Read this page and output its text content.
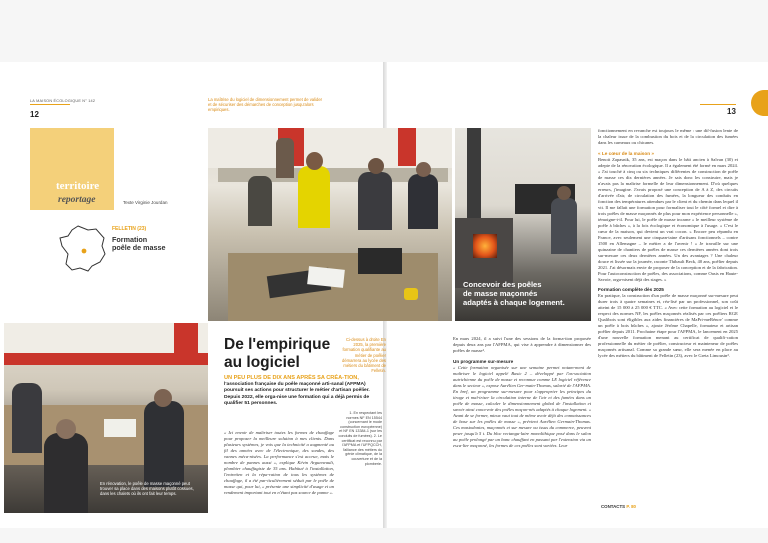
LA MAISON ÉCOLOGIQUE N° 142
12
La maîtrise du logiciel de dimensionnement permet de valider et de sécuriser des démarches de conception jusqu'alors empiriques.
territoire
reportage	Texte Virginie Jourdan
FELLETIN (23)
Formation
poêle de masse
Concevoir des poêles
de masse maçonnés
adaptés à chaque logement.
En rénovation, le poêle de masse maçonné peut trouver sa place dans des maisons plutôt cossues, dans les chalets où ils ont fait leur temps.
De l'empirique
au logiciel
UN PEU PLUS DE DIX ANS APRÈS SA CRÉA-TION, l'association française du poêle maçonné arti-sanal (AFPMA) poursuit ses actions pour structurer le métier d'artisan poêlier. Depuis 2022, elle orga-nise une formation qui a déjà permis de qualifier 51 personnes.
« Ici envoir de maîtriser toutes les formes de chauffage pour proposer la meilleure solution à mes clients. Dans plusieurs systèmes, je vois que la technicité a augmenté au fil des années avec de l'électronique, des sondes, des vannes méca-nisées. La performance s'est accrue, mais le nombre de pannes aussi », explique Kévin Argueneault, plombier chauffagiste de 35 ans. Habitué à l'installation, l'entretien et la répa-ration de tous les systèmes de chauffage, il a été par-ticulièrement séduit par le poêle de masse qui, pour lui, « présente une simplicité d'usage et un rendement important tout en n'étant pas source de panne ».
Ci-dessus à droite En 2025, la première formation qualifiante au métier de poêlier démarrera au lycée des métiers du bâtiment de Felletin.
1. En respectant les normes NF EN 15544 (concernant le mode construction européenne) et NF EN 13384-1 (sur les conduits de fumées). 2. Le certificat est reconnu par l'AFPMA et l'UFPQCCH, l'alliance des métiers du génie climatique, de la couverture et de la plomberie.
13
En mars 2024, il a suivi l'une des sessions de la forma-tion proposée depuis deux ans par l'AFPMA, qui vise à apprendre à dimensionner des poêles de masse¹.
Un programme sur-mesure
« Cette formation organisée sur une semaine permet notam-ment de maîtriser le logiciel appelé Basic 2 – développé par l'as-sociation autrichienne du poêle de masse et reconnue comme LE logiciel référence dans le secteur », expose Aurélien Ger-main-Thomas, salarié de l'AFPMA. En bref, un programme sur-mesure pour s'approprier les principes du tirage et maî-triser la circulation interne de l'air et des fumées dans un poêle de masse, calculer le dimensionnement global de l'installation et savoir ainsi concevoir des poêles maçon-nés adaptés à chaque logement. « Avant de se former, mieux vaut tout de même avoir déjà des connaissances de base sur les poêles de masse », prévient Aurélien Germain-Thomas. Ces mastodontes, maçonnés et sur mesure ou issus du commerce, peuvent peser jusqu'à 5 t. Du bloc rectangu-laire monolithique posé dans le salon au poêle prolongé par un banc chauffant en passant par l'extension via un esca-lier maçonné, les formes de ces poêles sont variées. Leur
fonctionnement en revanche est toujours le même : une dif-fusion lente de la chaleur issue de la combustion du bois et de la circulation des fumées dans les carneaux ou chicanes.
« Le cœur de la maison »
Benoit Zapasnik, 35 ans, est maçon dans le bâti ancien à Salvan (30) et adepte de la rénovation écologique. Il a également été formé en mars 2024. « J'ai touché à cinq ou six techniques différentes de construction de poêle de masse ces dix dernières années. Je sais donc les construire, mais je n'avais pas la maîtrise formelle de leur dimensionnement. D'où quelques erreurs, j'imagine. J'avais proposé une conception de A à Z, des circuits d'arrivée d'air, de circulation des fumées, la longueur des conduits en fonction des températures attendues par le client et du chemin dans lequel il vit. Il me fallait une formation pour formaliser tout le côté formel et dire à trois poêles de masse maçonnés de plus pour mon expérience personnelle », témoigne-t-il. Pour lui, le poêle de masse incarne « le meilleur système de poêle à bûches », à la fois écologique et économique à l'usage. « C'est le cœur de la maison, qui devient un vrai cocon. » Encore peu répandu en France, avec seulement une cinquan-taine d'artisans fonctionnels – contre 1500 en Allemagne – le métier a de l'avenir ! « Je travaille sur une quinzaine de chantiers de poêles de masse ces dernières années dont trois sur-mesure ces deux dernières années. Un des avantages ? Une chaleur douce et lissée sur la journée, raconte Thibault Beck, 40 ans, poêlier depuis 2021. J'ai désormais envie de proposer de la conception et de la fabrication. Pour l'autoconstruction de poêles, des associations, comme Oasis en Haute-Savoie, orga-nisent déjà des stages. »
Formation complète dès 2025
En pratique, la construction d'un poêle de masse maçonné sur-mesure peut durer trois à quatre semaines et, réa-lisé par un professionnel, son coût atteint de 15 000 à 25 000 € TTC. « Avec cette formation au logiciel et le respect des normes NF, les poêles maçonnés réalisés par ces poêliers RGE Qualibois sont éligibles aux aides financières de MaPri-meRénov' comme un poêle à bois bûches », ajoute Jérôme Chapelle, formateur et artisan poêlier depuis 2011. Prochaine étape pour l'AFPMA, le lancement en 2025 d'une nouvelle formation menant au certificat de qualifi-cation professionnelle du métier de poêlier, constructeur et mainteneur de poêles maçonnés artisanal. Comme sa grande sœur, elle sera menée en place au lycée des métiers du bâtiment de Felletin (23), avec le Greta Limousin².
CONTACTS P. 80
